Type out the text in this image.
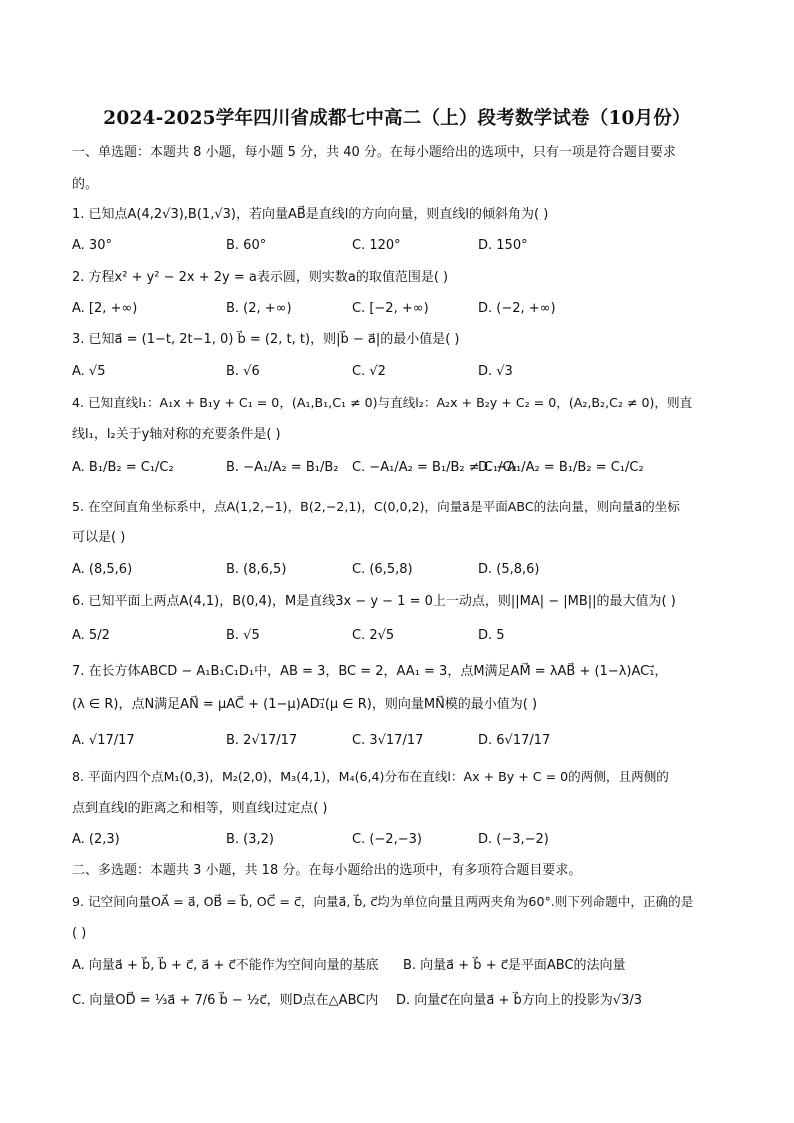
2024-2025学年四川省成都七中高二（上）段考数学试卷（10月份）
一、单选题：本题共 8 小题，每小题 5 分，共 40 分。在每小题给出的选项中，只有一项是符合题目要求
的。
1. 已知点A(4,2√3),B(1,√3)，若向量AB⃗是直线l的方向向量，则直线l的倾斜角为( )
A. 30°	B. 60°	C. 120°	D. 150°
2. 方程x² + y² − 2x + 2y = a表示圆，则实数a的取值范围是( )
A. [2, +∞)	B. (2, +∞)	C. [−2, +∞)	D. (−2, +∞)
3. 已知a⃗ = (1−t, 2t−1, 0) b⃗ = (2, t, t)，则|b⃗ − a⃗|的最小值是( )
A. √5	B. √6	C. √2	D. √3
4. 已知直线l₁：A₁x + B₁y + C₁ = 0，(A₁,B₁,C₁ ≠ 0)与直线l₂：A₂x + B₂y + C₂ = 0，(A₂,B₂,C₂ ≠ 0)，则直
线l₁，l₂关于y轴对称的充要条件是( )
A. B₁/B₂ = C₁/C₂	B. −A₁/A₂ = B₁/B₂ C. −A₁/A₂ = B₁/B₂ ≠ C₁/C₂
D. −A₁/A₂ = B₁/B₂ = C₁/C₂
5. 在空间直角坐标系中，点A(1,2,−1)，B(2,−2,1)，C(0,0,2)，向量a⃗是平面ABC的法向量，则向量a⃗的坐标
可以是( )
A. (8,5,6)	B. (8,6,5)	C. (6,5,8)	D. (5,8,6)
6. 已知平面上两点A(4,1)，B(0,4)，M是直线3x − y − 1 = 0上一动点，则||MA| − |MB||的最大值为( )
A. 5/2	B. √5	C. 2√5	D. 5
7. 在长方体ABCD − A₁B₁C₁D₁中，AB = 3，BC = 2，AA₁ = 3，点M满足AM⃗ = λAB⃗ + (1−λ)AC₁⃗，
(λ ∈ R)，点N满足AN⃗ = μAC⃗ + (1−μ)AD₁⃗(μ ∈ R)，则向量MN⃗模的最小值为( )
A. √17/17	B. 2√17/17	C. 3√17/17	D. 6√17/17
8. 平面内四个点M₁(0,3)，M₂(2,0)，M₃(4,1)，M₄(6,4)分布在直线l：Ax + By + C = 0的两侧，且两侧的
点到直线l的距离之和相等，则直线l过定点( )
A. (2,3)	B. (3,2)	C. (−2,−3)	D. (−3,−2)
二、多选题：本题共 3 小题，共 18 分。在每小题给出的选项中，有多项符合题目要求。
9. 记空间向量OA⃗ = a⃗, OB⃗ = b⃗, OC⃗ = c⃗，向量a⃗, b⃗, c⃗均为单位向量且两两夹角为60°.则下列命题中，正确的是
( )
A. 向量a⃗ + b⃗, b⃗ + c⃗, a⃗ + c⃗不能作为空间向量的基底 B. 向量a⃗ + b⃗ + c⃗是平面ABC的法向量
C. 向量OD⃗ = ⅓a⃗ + 7/6 b⃗ − ½c⃗，则D点在△ABC内 D. 向量c⃗在向量a⃗ + b⃗方向上的投影为√3/3
